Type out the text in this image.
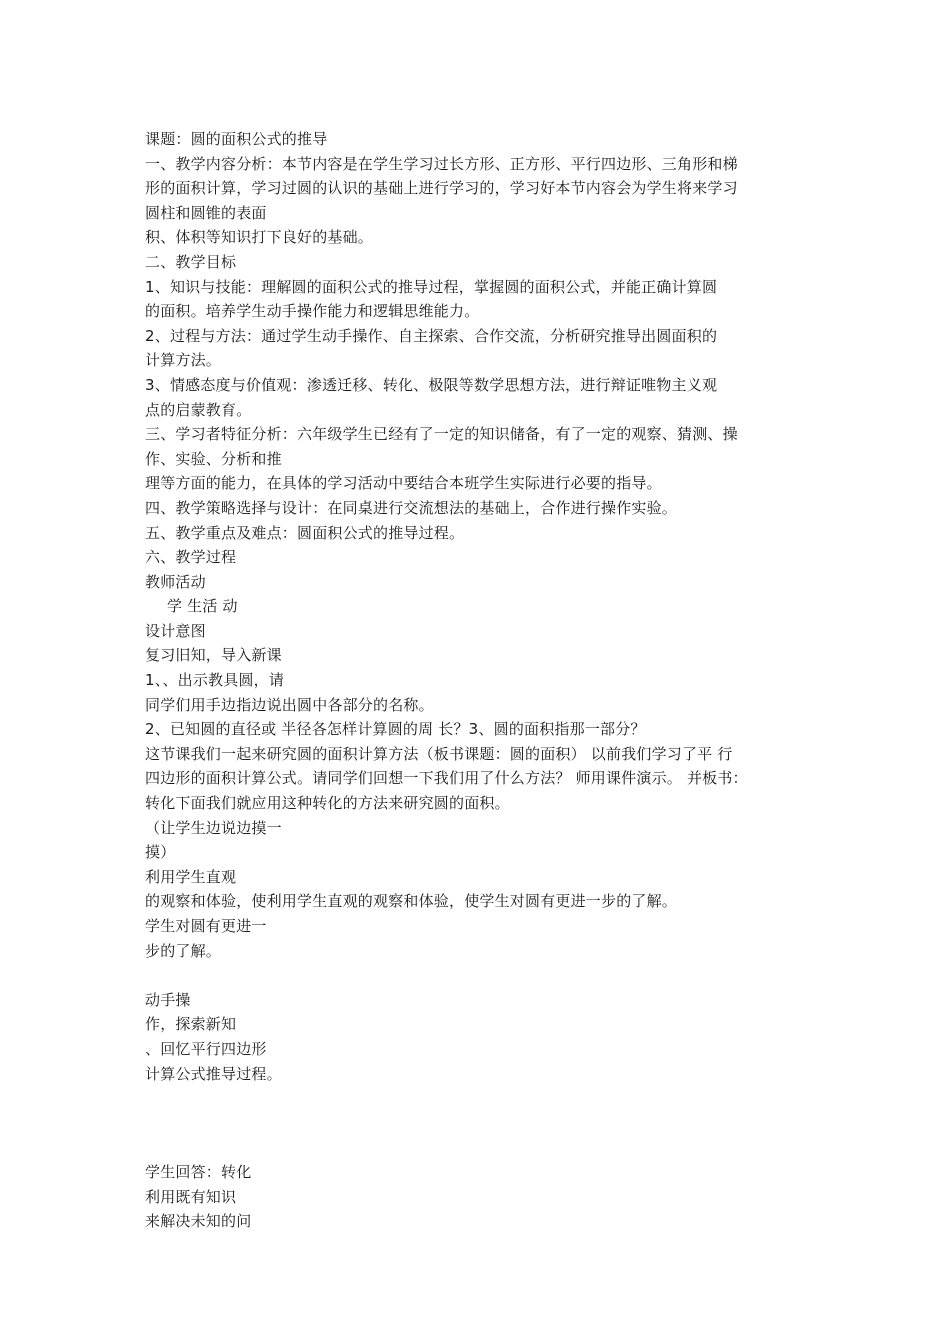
课题：圆的面积公式的推导
一、教学内容分析：本节内容是在学生学习过长方形、正方形、平行四边形、三角形和梯
形的面积计算，学习过圆的认识的基础上进行学习的，学习好本节内容会为学生将来学习
圆柱和圆锥的表面
积、体积等知识打下良好的基础。
二、教学目标
1、知识与技能：理解圆的面积公式的推导过程，掌握圆的面积公式，并能正确计算圆
的面积。培养学生动手操作能力和逻辑思维能力。
2、过程与方法：通过学生动手操作、自主探索、合作交流，分析研究推导出圆面积的
计算方法。
3、情感态度与价值观：渗透迁移、转化、极限等数学思想方法，进行辩证唯物主义观
点的启蒙教育。
三、学习者特征分析：六年级学生已经有了一定的知识储备，有了一定的观察、猜测、操
作、实验、分析和推
理等方面的能力，在具体的学习活动中要结合本班学生实际进行必要的指导。
四、教学策略选择与设计：在同桌进行交流想法的基础上，合作进行操作实验。
五、教学重点及难点：圆面积公式的推导过程。
六、教学过程
教师活动
学 生活 动
设计意图
复习旧知，导入新课
1、、出示教具圆，请
同学们用手边指边说出圆中各部分的名称。
2、已知圆的直径或 半径各怎样计算圆的周 长？3、圆的面积指那一部分？
这节课我们一起来研究圆的面积计算方法（板书课题：圆的面积） 以前我们学习了平 行
四边形的面积计算公式。请同学们回想一下我们用了什么方法？ 师用课件演示。 并板书：
转化下面我们就应用这种转化的方法来研究圆的面积。
（让学生边说边摸一
摸）
利用学生直观
的观察和体验，使利用学生直观的观察和体验，使学生对圆有更进一步的了解。
学生对圆有更进一
步的了解。
动手操
作，探索新知
、回忆平行四边形
计算公式推导过程。
学生回答：转化
利用既有知识
来解决未知的问
